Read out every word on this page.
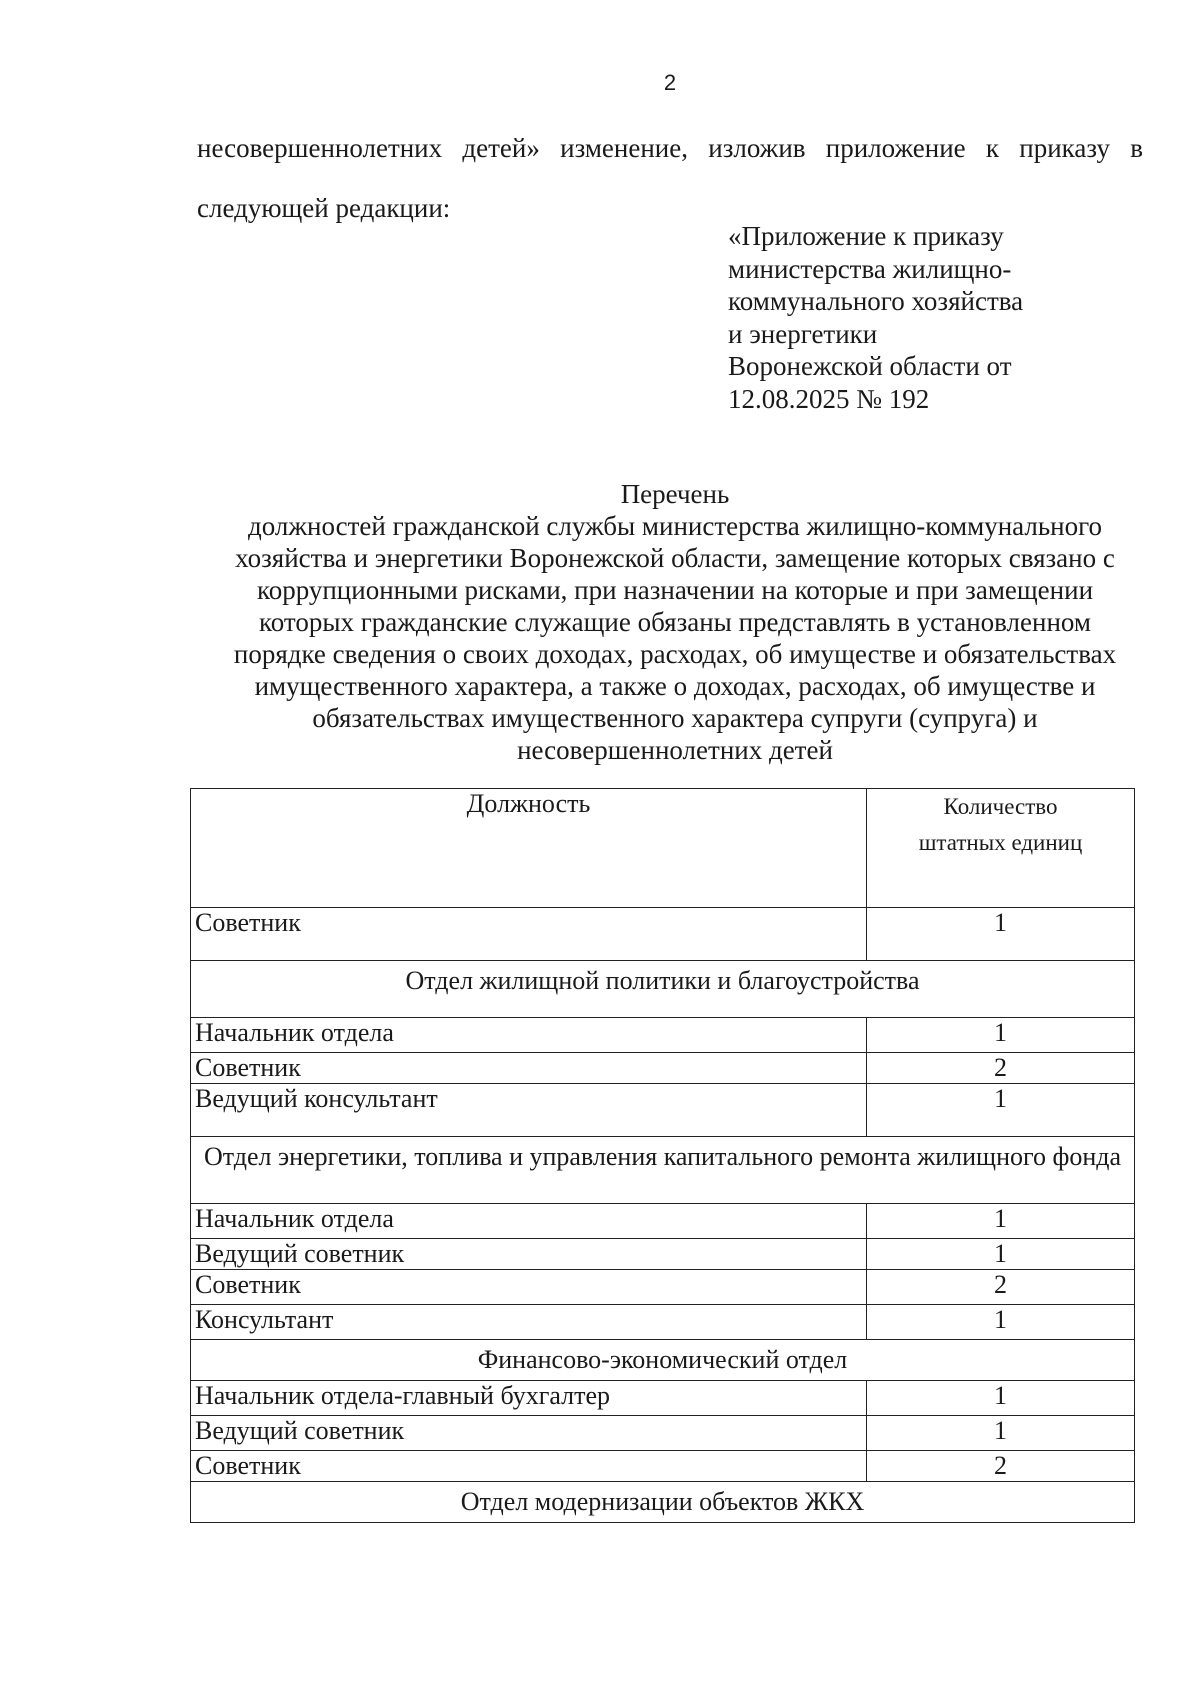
2
несовершеннолетних детей» изменение, изложив приложение к приказу в
следующей редакции:
«Приложение к приказу
министерства жилищно-
коммунального хозяйства
и энергетики
Воронежской области от
12.08.2025 № 192
Перечень
должностей гражданской службы министерства жилищно-коммунального
хозяйства и энергетики Воронежской области, замещение которых связано с
коррупционными рисками, при назначении на которые и при замещении
которых гражданские служащие обязаны представлять в установленном
порядке сведения о своих доходах, расходах, об имуществе и обязательствах
имущественного характера, а также о доходах, расходах, об имуществе и
обязательствах имущественного характера супруги (супруга) и
несовершеннолетних детей
Должность	Количество
штатных единиц

Советник	1
Отдел жилищной политики и благоустройства	
Начальник отдела	1
Советник	2
Ведущий консультант	1
Отдел энергетики, топлива и управления капитального ремонта жилищного фонда	
Начальник отдела	1
Ведущий советник	1
Советник	2
Консультант	1
Финансово-экономический отдел	
Начальник отдела-главный бухгалтер	1
Ведущий советник	1
Советник	2
Отдел модернизации объектов ЖКХ	
